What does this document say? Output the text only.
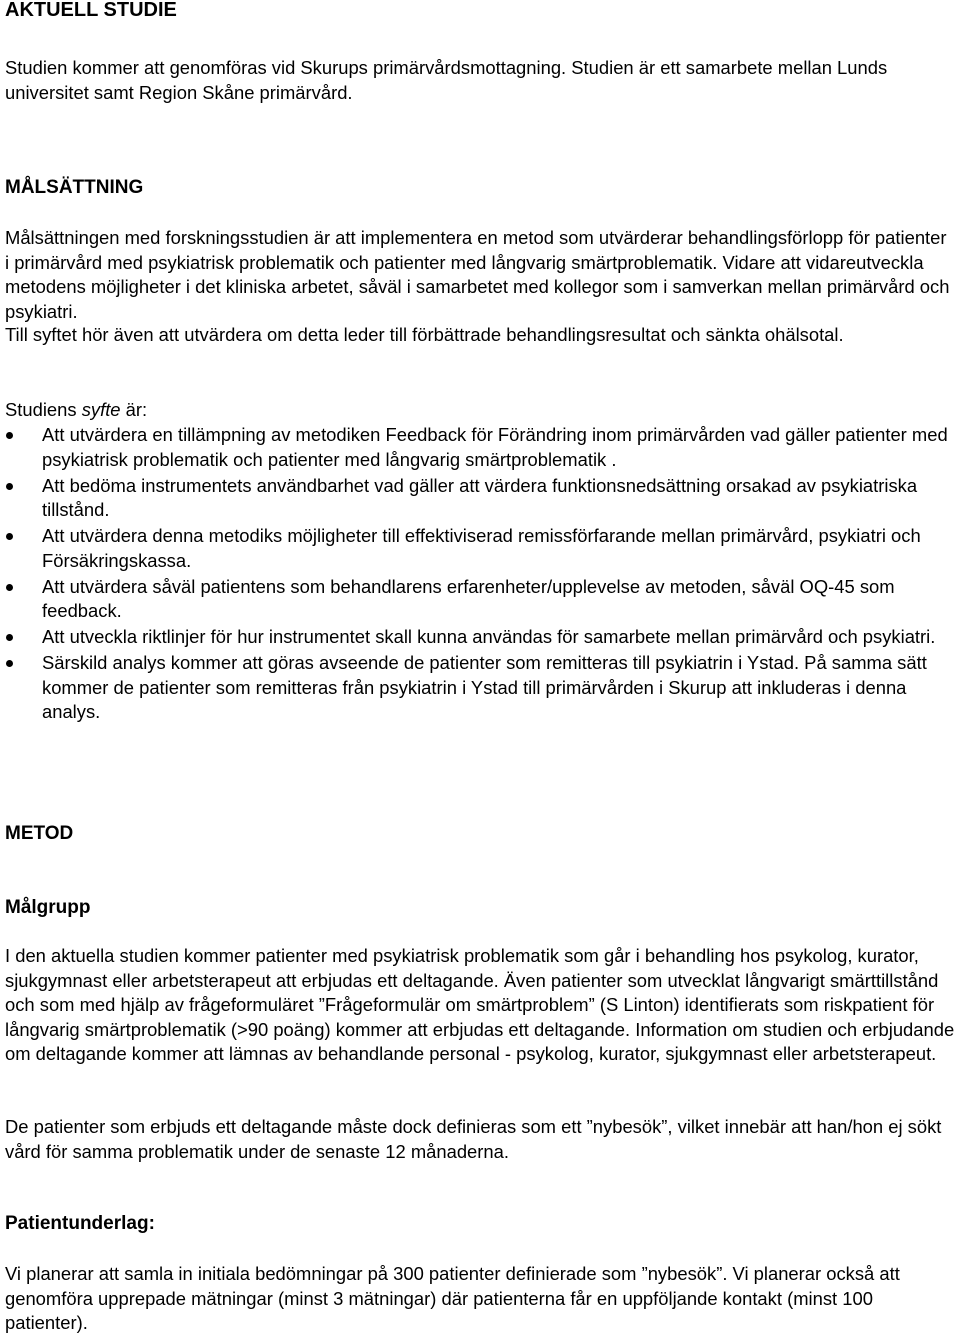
AKTUELL STUDIE

Studien kommer att genomföras vid Skurups primärvårdsmottagning. Studien är ett samarbete mellan Lunds universitet samt Region Skåne primärvård.

MÅLSÄTTNING

Målsättningen med forskningsstudien är att implementera en metod som utvärderar behandlingsförlopp för patienter i primärvård med psykiatrisk problematik och patienter med långvarig smärtproblematik. Vidare att vidareutveckla metodens möjligheter i det kliniska arbetet, såväl i samarbetet med kollegor som i samverkan mellan primärvård och psykiatri.

Till syftet hör även att utvärdera om detta leder till förbättrade behandlingsresultat och sänkta ohälsotal.

Studiens syfte är:

Att utvärdera en tillämpning av metodiken Feedback för Förändring inom primärvården vad gäller patienter med psykiatrisk problematik och patienter med långvarig smärtproblematik .
Att bedöma instrumentets användbarhet vad gäller att värdera funktionsnedsättning orsakad av psykiatriska tillstånd.
Att utvärdera denna metodiks möjligheter till effektiviserad remissförfarande mellan primärvård, psykiatri och Försäkringskassa.
Att utvärdera såväl patientens som behandlarens erfarenheter/upplevelse av metoden, såväl OQ-45 som feedback.
Att utveckla riktlinjer för hur instrumentet skall kunna användas för samarbete mellan primärvård och psykiatri.
Särskild analys kommer att göras avseende de patienter som remitteras till psykiatrin i Ystad. På samma sätt kommer de patienter som remitteras från psykiatrin i Ystad till primärvården i Skurup att inkluderas i denna analys.
METOD
Målgrupp

I den aktuella studien kommer patienter med psykiatrisk problematik som går i behandling hos psykolog, kurator, sjukgymnast eller arbetsterapeut att erbjudas ett deltagande. Även patienter som utvecklat långvarigt smärttillstånd och som med hjälp av frågeformuläret ”Frågeformulär om smärtproblem” (S Linton) identifierats som riskpatient för långvarig smärtproblematik (>90 poäng) kommer att erbjudas ett deltagande. Information om studien och erbjudande om deltagande kommer att lämnas av behandlande personal - psykolog, kurator, sjukgymnast eller arbetsterapeut.

De patienter som erbjuds ett deltagande måste dock definieras som ett ”nybesök”, vilket innebär att han/hon ej sökt vård för samma problematik under de senaste 12 månaderna.

Patientunderlag:

Vi planerar att samla in initiala bedömningar på 300 patienter definierade som ”nybesök”. Vi planerar också att genomföra upprepade mätningar (minst 3 mätningar) där patienterna får en uppföljande kontakt (minst 100 patienter).
